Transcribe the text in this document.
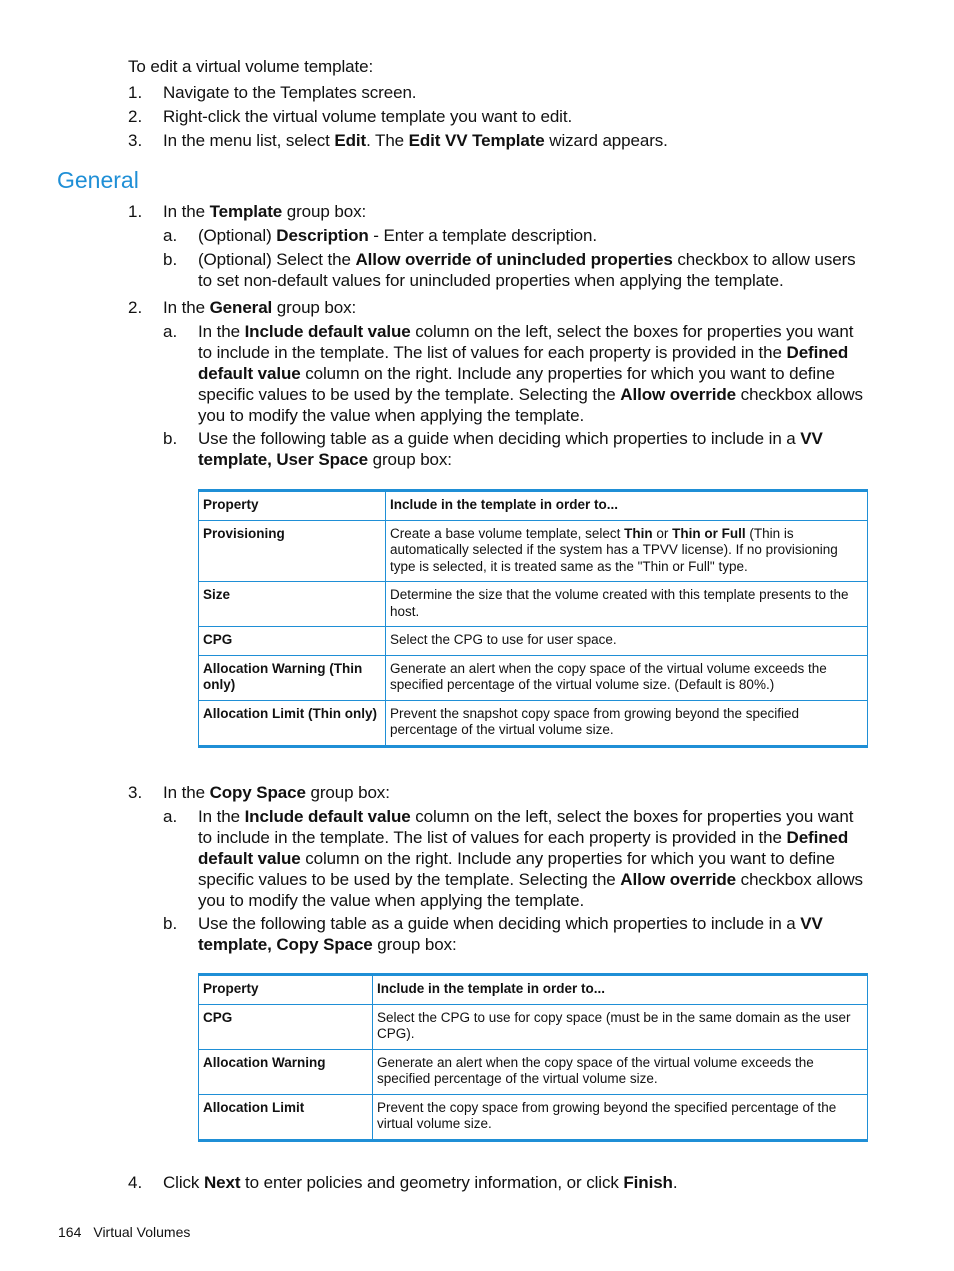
To edit a virtual volume template:
1. Navigate to the Templates screen.
2. Right-click the virtual volume template you want to edit.
3. In the menu list, select Edit. The Edit VV Template wizard appears.
General
1. In the Template group box:
a. (Optional) Description - Enter a template description.
b. (Optional) Select the Allow override of unincluded properties checkbox to allow users to set non-default values for unincluded properties when applying the template.
2. In the General group box:
a. In the Include default value column on the left, select the boxes for properties you want to include in the template. The list of values for each property is provided in the Defined default value column on the right. Include any properties for which you want to define specific values to be used by the template. Selecting the Allow override checkbox allows you to modify the value when applying the template.
b. Use the following table as a guide when deciding which properties to include in a VV template, User Space group box:
Property	Include in the template in order to...
Provisioning	Create a base volume template, select Thin or Thin or Full (Thin is automatically selected if the system has a TPVV license). If no provisioning type is selected, it is treated same as the "Thin or Full" type.
Size	Determine the size that the volume created with this template presents to the host.
CPG	Select the CPG to use for user space.
Allocation Warning (Thin only)	Generate an alert when the copy space of the virtual volume exceeds the specified percentage of the virtual volume size. (Default is 80%.)
Allocation Limit (Thin only)	Prevent the snapshot copy space from growing beyond the specified percentage of the virtual volume size.
3. In the Copy Space group box:
a. In the Include default value column on the left, select the boxes for properties you want to include in the template. The list of values for each property is provided in the Defined default value column on the right. Include any properties for which you want to define specific values to be used by the template. Selecting the Allow override checkbox allows you to modify the value when applying the template.
b. Use the following table as a guide when deciding which properties to include in a VV template, Copy Space group box:
Property	Include in the template in order to...
CPG	Select the CPG to use for copy space (must be in the same domain as the user CPG).
Allocation Warning	Generate an alert when the copy space of the virtual volume exceeds the specified percentage of the virtual volume size.
Allocation Limit	Prevent the copy space from growing beyond the specified percentage of the virtual volume size.
4. Click Next to enter policies and geometry information, or click Finish.
164 Virtual Volumes
